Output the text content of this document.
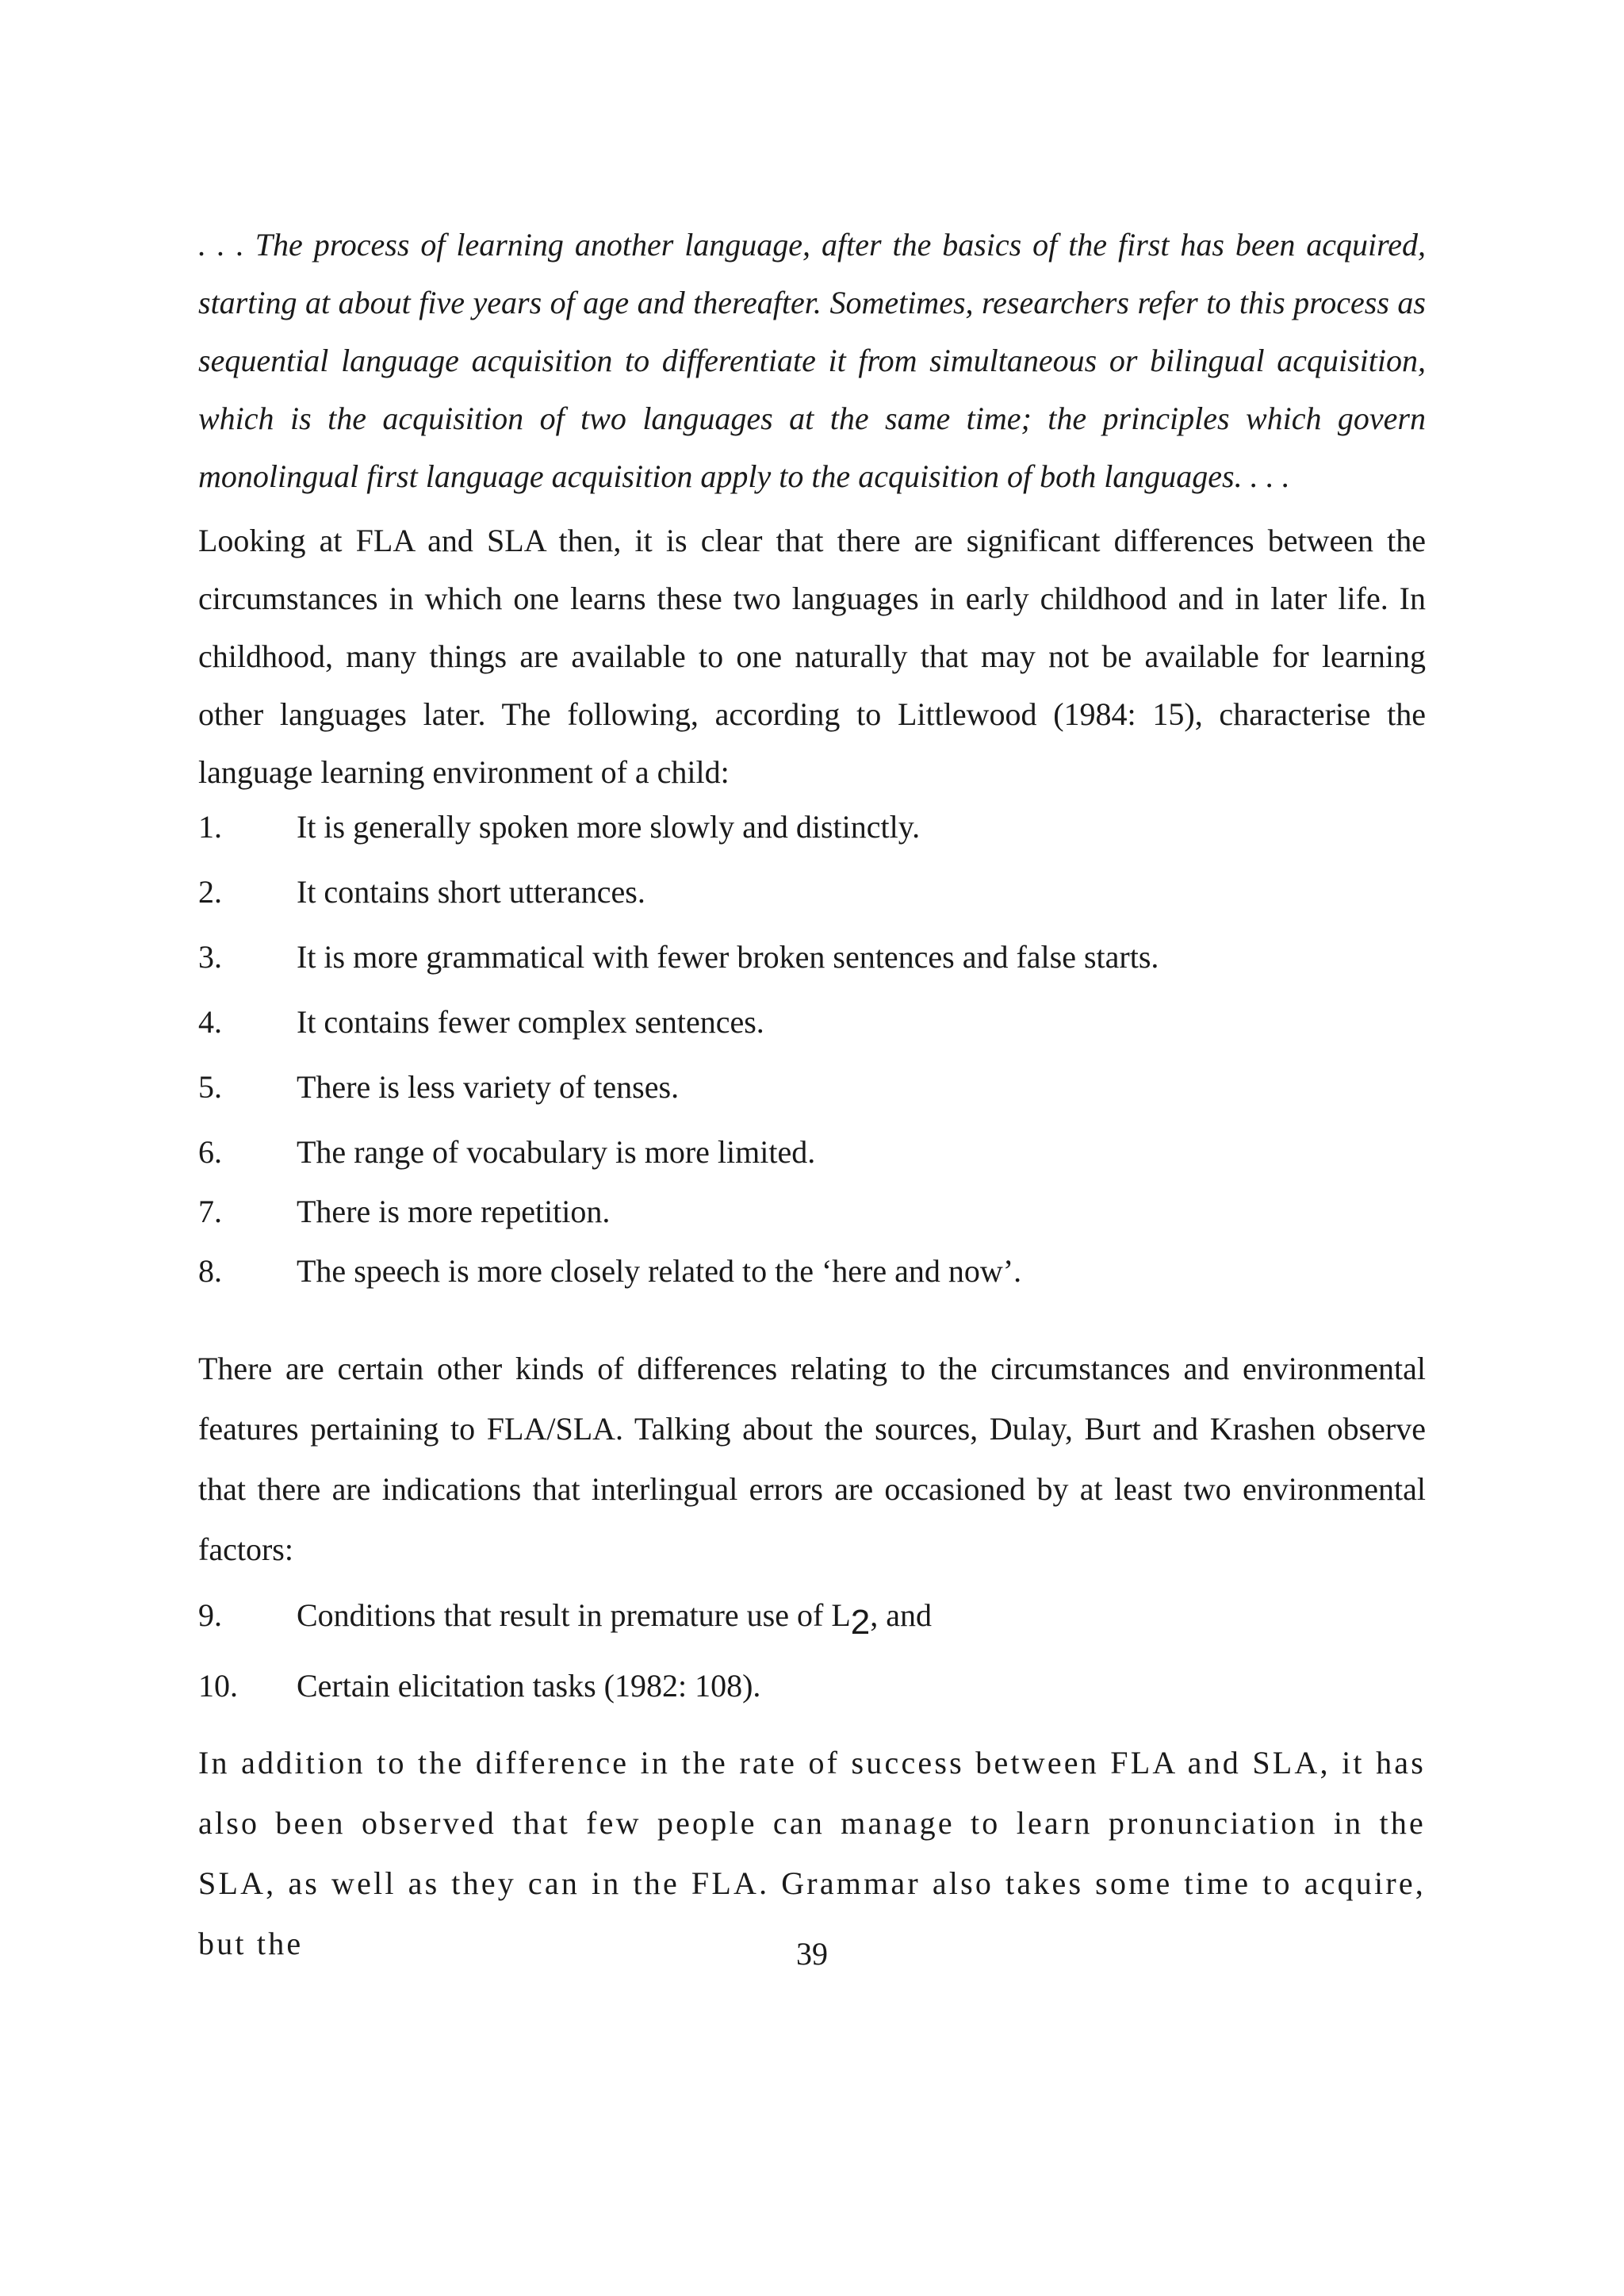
. . . The process of learning another language, after the basics of the first has been acquired, starting at about five years of age and thereafter. Sometimes, researchers refer to this process as sequential language acquisition to differentiate it from simultaneous or bilingual acquisition, which is the acquisition of two languages at the same time; the principles which govern monolingual first language acquisition apply to the acquisition of both languages. . . .

Looking at FLA and SLA then, it is clear that there are significant differences between the circumstances in which one learns these two languages in early childhood and in later life. In childhood, many things are available to one naturally that may not be available for learning other languages later. The following, according to Littlewood (1984: 15), characterise the language learning environment of a child:

1. It is generally spoken more slowly and distinctly.
2. It contains short utterances.
3. It is more grammatical with fewer broken sentences and false starts.
4. It contains fewer complex sentences.
5. There is less variety of tenses.
6. The range of vocabulary is more limited.
7. There is more repetition.
8. The speech is more closely related to the ‘here and now’.

There are certain other kinds of differences relating to the circumstances and environmental features pertaining to FLA/SLA. Talking about the sources, Dulay, Burt and Krashen observe that there are indications that interlingual errors are occasioned by at least two environmental factors:

9. Conditions that result in premature use of L2, and
10. Certain elicitation tasks (1982: 108).

In addition to the difference in the rate of success between FLA and SLA, it has also been observed that few people can manage to learn pronunciation in the SLA, as well as they can in the FLA. Grammar also takes some time to acquire, but the	39
